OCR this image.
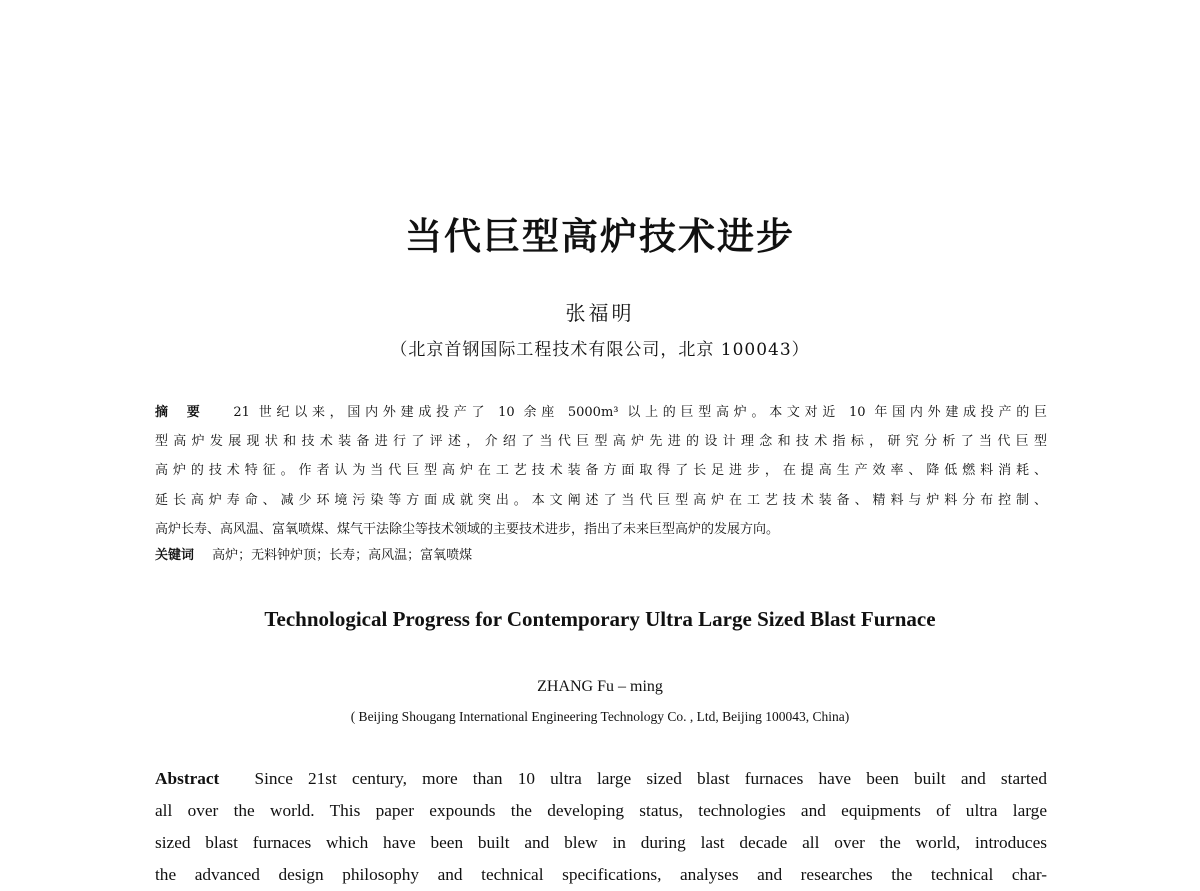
当代巨型高炉技术进步
张福明
（北京首钢国际工程技术有限公司，北京 100043）
摘要 21 世纪以来，国内外建成投产了 10 余座 5000m³ 以上的巨型高炉。本文对近 10 年国内外建成投产的巨
型高炉发展现状和技术装备进行了评述，介绍了当代巨型高炉先进的设计理念和技术指标，研究分析了当代巨型
高炉的技术特征。作者认为当代巨型高炉在工艺技术装备方面取得了长足进步，在提高生产效率、降低燃料消耗、
延长高炉寿命、减少环境污染等方面成就突出。本文阐述了当代巨型高炉在工艺技术装备、精料与炉料分布控制、
高炉长寿、高风温、富氧喷煤、煤气干法除尘等技术领域的主要技术进步，指出了未来巨型高炉的发展方向。
关键词 高炉；无料钟炉顶；长寿；高风温；富氧喷煤
Technological Progress for Contemporary Ultra Large Sized Blast Furnace
ZHANG Fu – ming
( Beijing Shougang International Engineering Technology Co. , Ltd, Beijing 100043, China)
Abstract Since 21st century, more than 10 ultra large sized blast furnaces have been built and started
all over the world. This paper expounds the developing status, technologies and equipments of ultra large
sized blast furnaces which have been built and blew in during last decade all over the world, introduces
the advanced design philosophy and technical specifications, analyses and researches the technical char-
